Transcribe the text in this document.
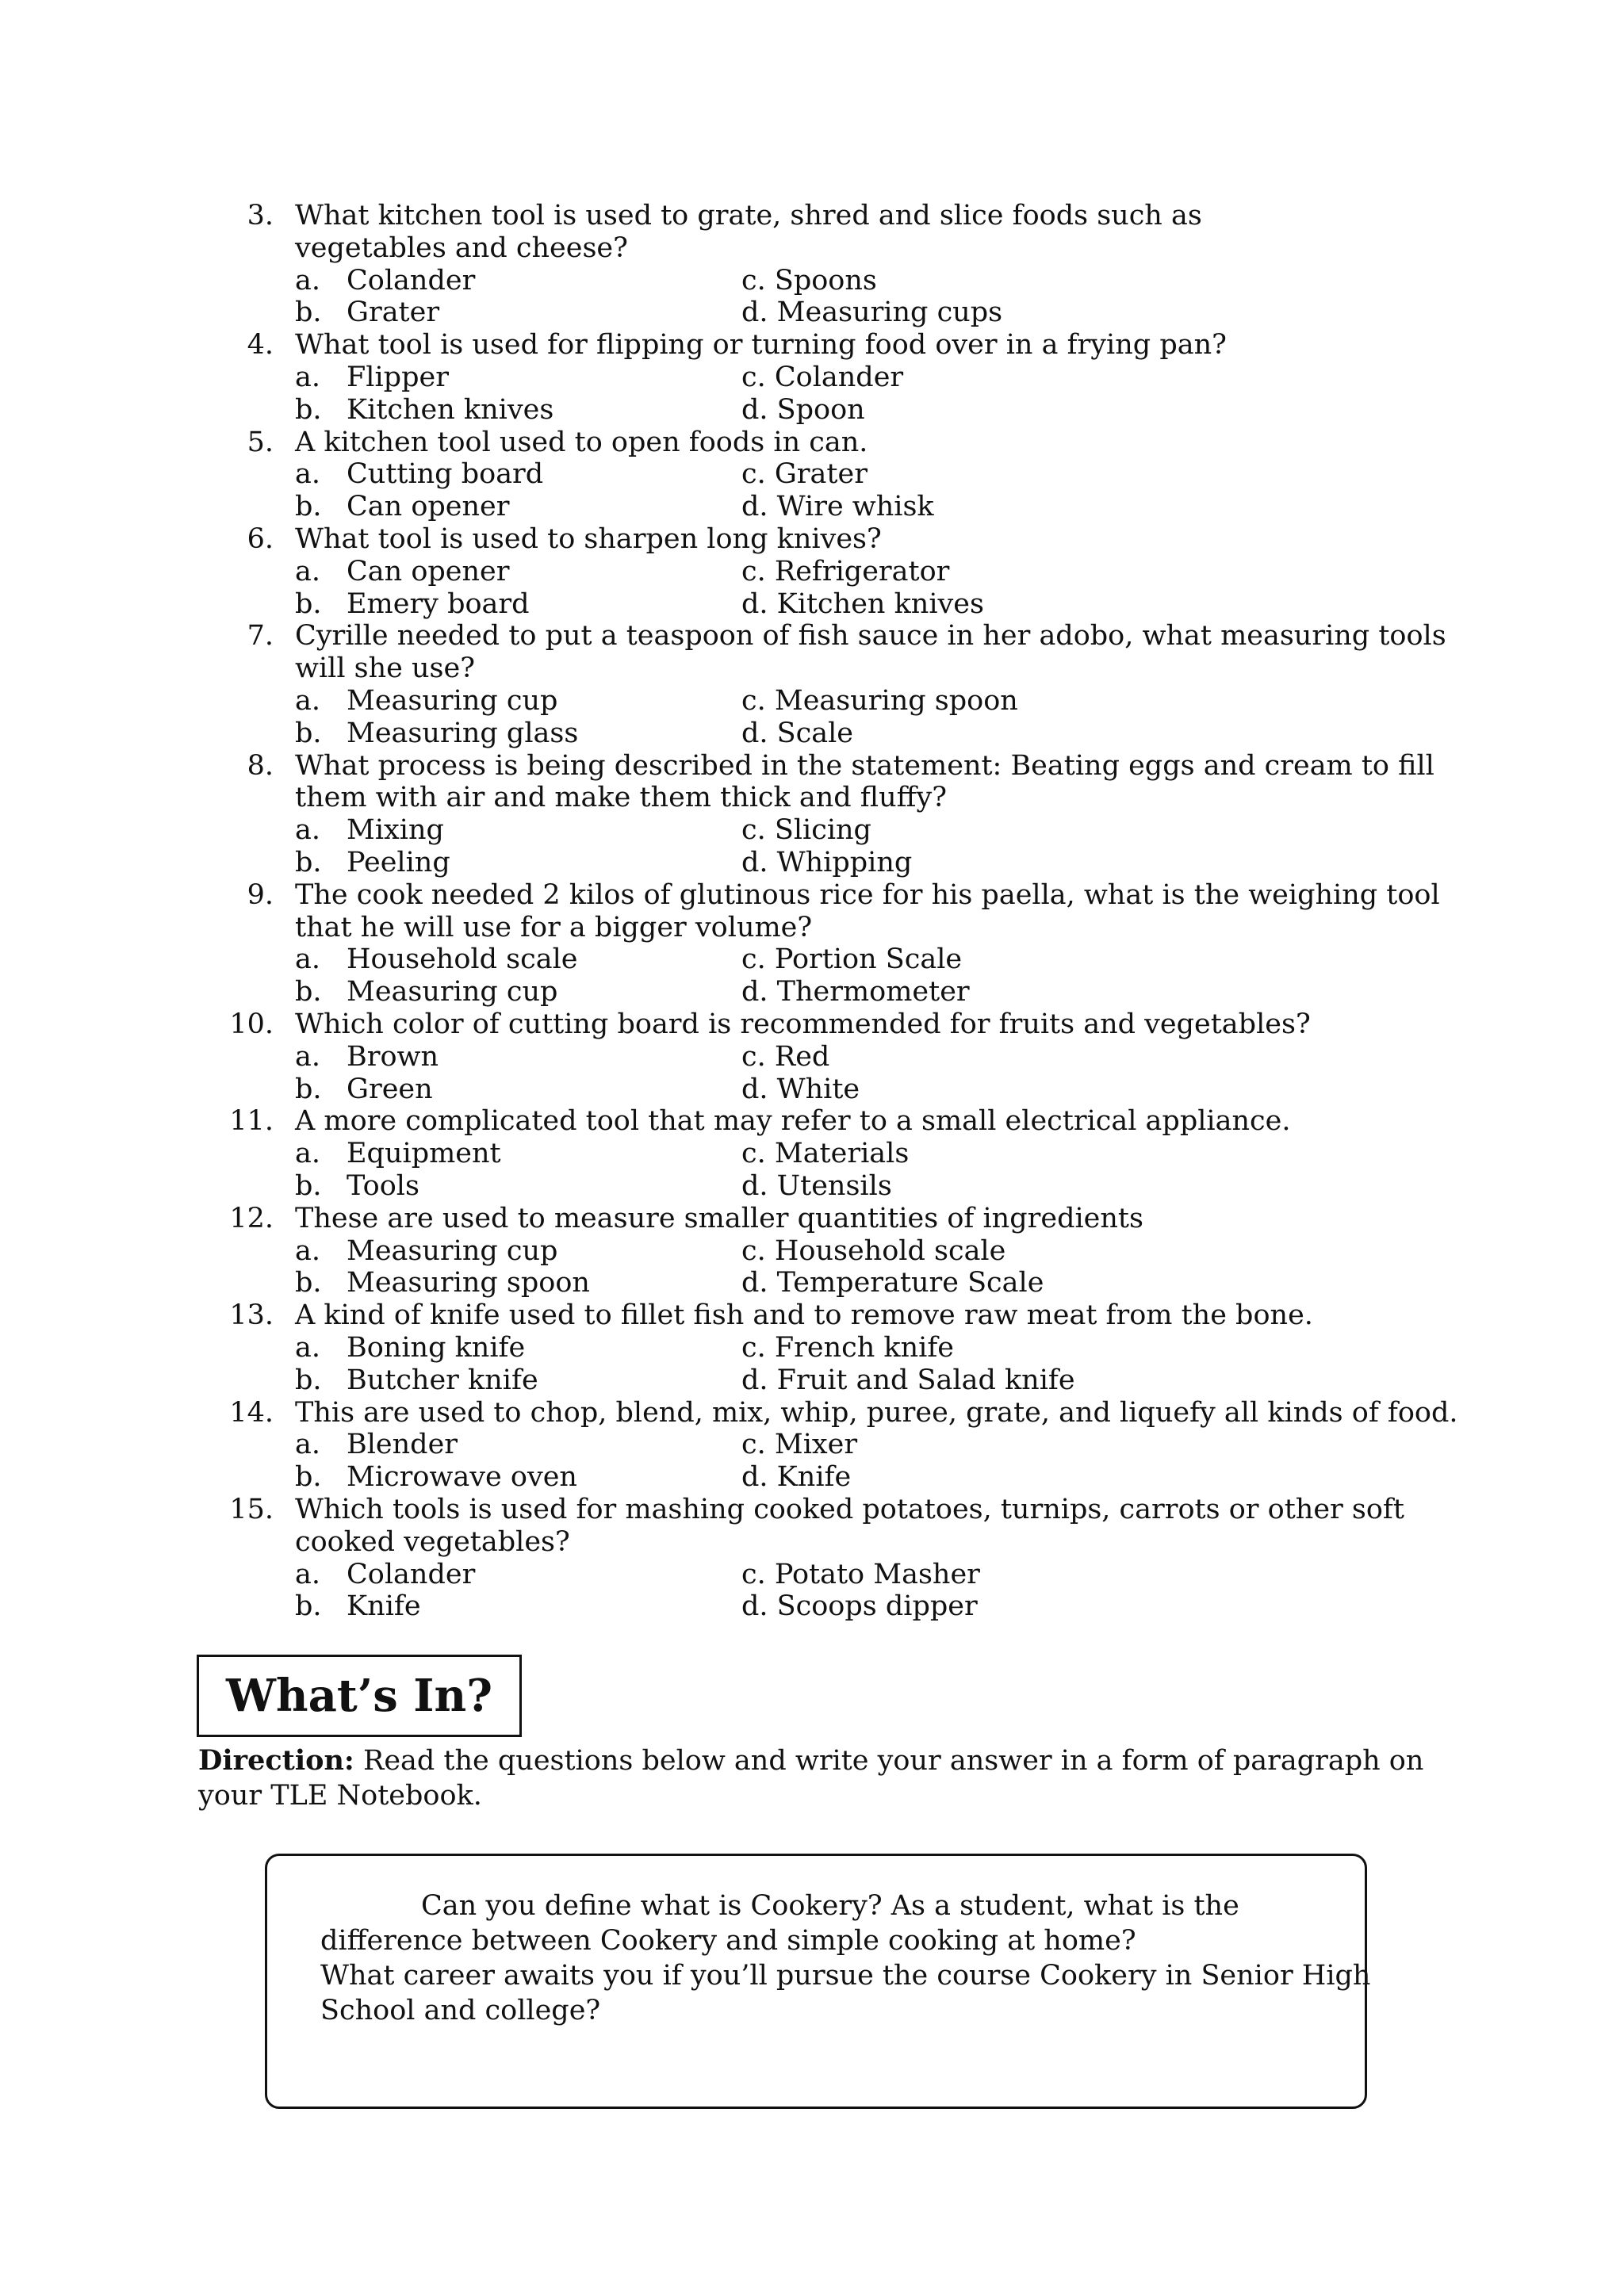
3. What kitchen tool is used to grate, shred and slice foods such as
vegetables and cheese?
a. Colander	c. Spoons
b. Grater	d. Measuring cups
4. What tool is used for flipping or turning food over in a frying pan?
a. Flipper	c. Colander
b. Kitchen knives	d. Spoon
5. A kitchen tool used to open foods in can.
a. Cutting board	c. Grater
b. Can opener	d. Wire whisk
6. What tool is used to sharpen long knives?
a. Can opener	c. Refrigerator
b. Emery board	d. Kitchen knives
7. Cyrille needed to put a teaspoon of fish sauce in her adobo, what measuring tools
will she use?
a. Measuring cup	c. Measuring spoon
b. Measuring glass	d. Scale
8. What process is being described in the statement: Beating eggs and cream to fill
them with air and make them thick and fluffy?
a. Mixing	c. Slicing
b. Peeling	d. Whipping
9. The cook needed 2 kilos of glutinous rice for his paella, what is the weighing tool
that he will use for a bigger volume?
a. Household scale	c. Portion Scale
b. Measuring cup	d. Thermometer
10. Which color of cutting board is recommended for fruits and vegetables?
a. Brown	c. Red
b. Green	d. White
11. A more complicated tool that may refer to a small electrical appliance.
a. Equipment	c. Materials
b. Tools	d. Utensils
12. These are used to measure smaller quantities of ingredients
a. Measuring cup	c. Household scale
b. Measuring spoon	d. Temperature Scale
13. A kind of knife used to fillet fish and to remove raw meat from the bone.
a. Boning knife	c. French knife
b. Butcher knife	d. Fruit and Salad knife
14. This are used to chop, blend, mix, whip, puree, grate, and liquefy all kinds of food.
a. Blender	c. Mixer
b. Microwave oven	d. Knife
15. Which tools is used for mashing cooked potatoes, turnips, carrots or other soft
cooked vegetables?
a. Colander	c. Potato Masher
b. Knife	d. Scoops dipper
What’s In?
Direction: Read the questions below and write your answer in a form of paragraph on your TLE Notebook.
Can you define what is Cookery? As a student, what is the
difference between Cookery and simple cooking at home?
What career awaits you if you’ll pursue the course Cookery in Senior High
School and college?
